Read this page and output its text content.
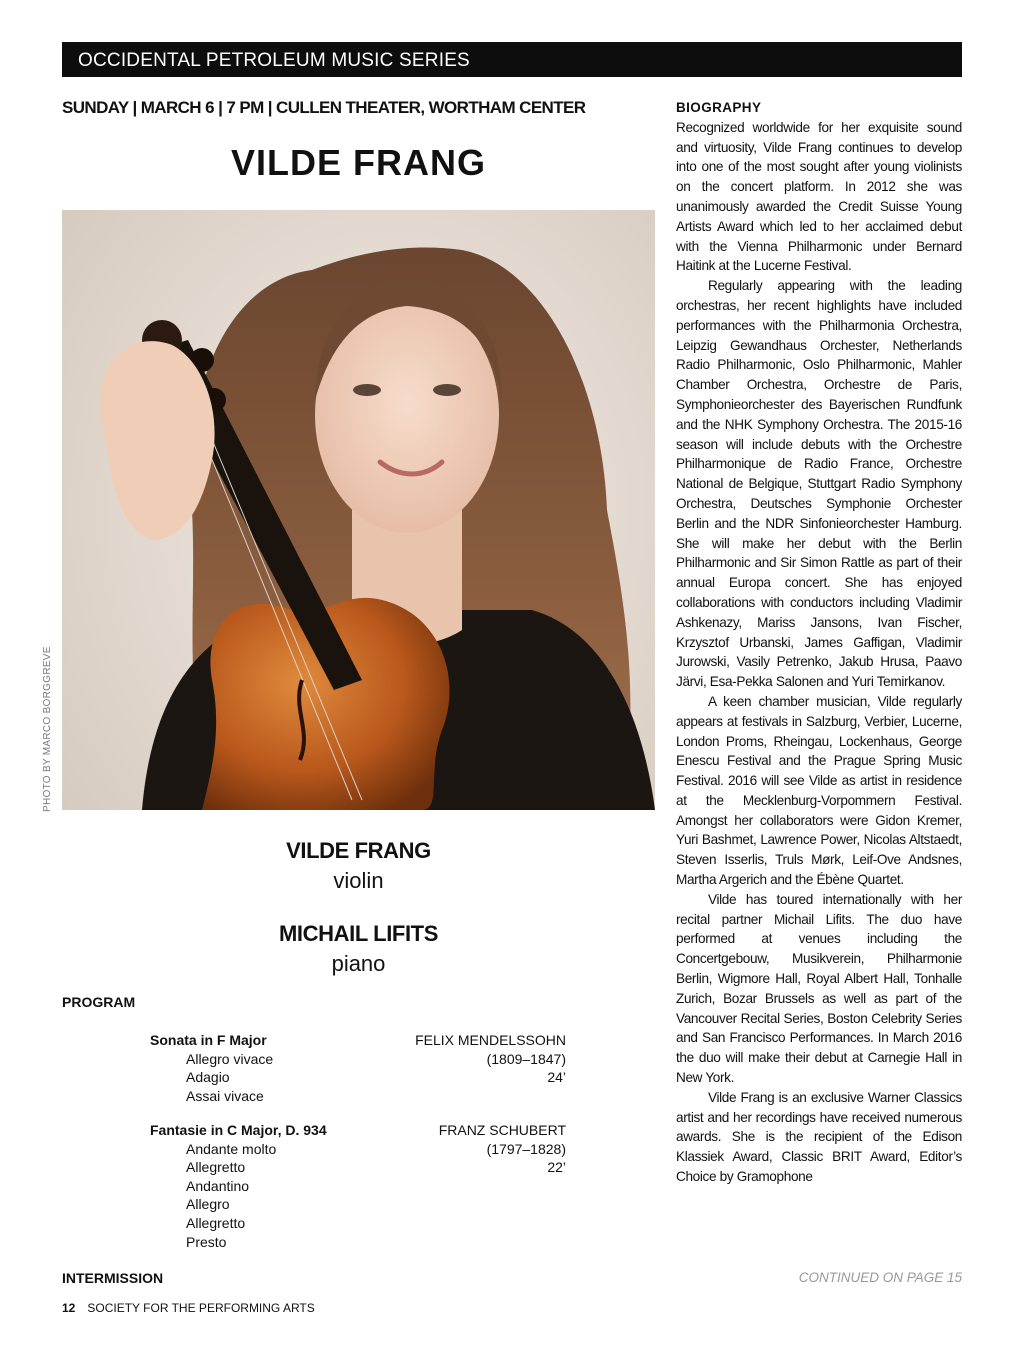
OCCIDENTAL PETROLEUM MUSIC SERIES
SUNDAY | MARCH 6 | 7 PM | CULLEN THEATER, WORTHAM CENTER
VILDE FRANG
PHOTO BY MARCO BORGGREVE
VILDE FRANG
violin
MICHAIL LIFITS
piano
PROGRAM
Sonata in F Major
Allegro vivace
Adagio
Assai vivace
FELIX MENDELSSOHN
(1809–1847)
24’
Fantasie in C Major, D. 934
Andante molto
Allegretto
Andantino
Allegro
Allegretto
Presto
FRANZ SCHUBERT
(1797–1828)
22’
INTERMISSION
12 SOCIETY FOR THE PERFORMING ARTS
BIOGRAPHY

Recognized worldwide for her exquisite sound and virtuosity, Vilde Frang continues to develop into one of the most sought after young violinists on the concert platform. In 2012 she was unanimously awarded the Credit Suisse Young Artists Award which led to her acclaimed debut with the Vienna Philharmonic under Bernard Haitink at the Lucerne Festival.

Regularly appearing with the leading orchestras, her recent highlights have included performances with the Philharmonia Orchestra, Leipzig Gewandhaus Orchester, Netherlands Radio Philharmonic, Oslo Philharmonic, Mahler Chamber Orchestra, Orchestre de Paris, Symphonieorchester des Bayerischen Rundfunk and the NHK Symphony Orchestra. The 2015-16 season will include debuts with the Orchestre Philharmonique de Radio France, Orchestre National de Belgique, Stuttgart Radio Symphony Orchestra, Deutsches Symphonie Orchester Berlin and the NDR Sinfonieorchester Hamburg. She will make her debut with the Berlin Philharmonic and Sir Simon Rattle as part of their annual Europa concert. She has enjoyed collaborations with conductors including Vladimir Ashkenazy, Mariss Jansons, Ivan Fischer, Krzysztof Urbanski, James Gaffigan, Vladimir Jurowski, Vasily Petrenko, Jakub Hrusa, Paavo Järvi, Esa-Pekka Salonen and Yuri Temirkanov.

A keen chamber musician, Vilde regularly appears at festivals in Salzburg, Verbier, Lucerne, London Proms, Rheingau, Lockenhaus, George Enescu Festival and the Prague Spring Music Festival. 2016 will see Vilde as artist in residence at the Mecklenburg-Vorpommern Festival. Amongst her collaborators were Gidon Kremer, Yuri Bashmet, Lawrence Power, Nicolas Altstaedt, Steven Isserlis, Truls Mørk, Leif-Ove Andsnes, Martha Argerich and the Ébène Quartet.

Vilde has toured internationally with her recital partner Michail Lifits. The duo have performed at venues including the Concertgebouw, Musikverein, Philharmonie Berlin, Wigmore Hall, Royal Albert Hall, Tonhalle Zurich, Bozar Brussels as well as part of the Vancouver Recital Series, Boston Celebrity Series and San Francisco Performances. In March 2016 the duo will make their debut at Carnegie Hall in New York.

Vilde Frang is an exclusive Warner Classics artist and her recordings have received numerous awards. She is the recipient of the Edison Klassiek Award, Classic BRIT Award, Editor’s Choice by Gramophone

CONTINUED ON PAGE 15
